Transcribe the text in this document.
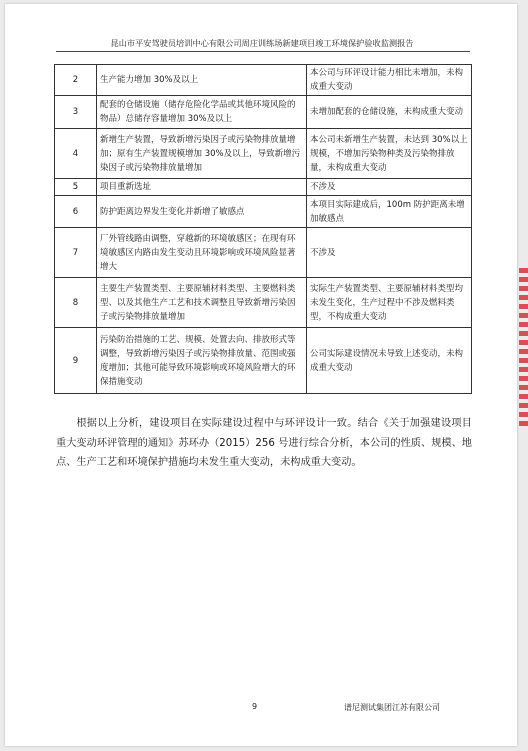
昆山市平安驾驶员培训中心有限公司周庄训练场新建项目竣工环境保护验收监测报告
2	生产能力增加 30%及以上	本公司与环评设计能力相比未增加，未构成重大变动
3	配套的仓储设施（储存危险化学品或其他环境风险的物品）总储存容量增加 30%及以上	未增加配套的仓储设施，未构成重大变动
4	新增生产装置，导致新增污染因子或污染物排放量增加；原有生产装置规模增加 30%及以上，导致新增污染因子或污染物排放量增加	本公司未新增生产装置，未达到 30%以上规模，不增加污染物种类及污染物排放量，未构成重大变动
5	项目重新选址	不涉及
6	防护距离边界发生变化并新增了敏感点	本项目实际建成后，100m 防护距离未增加敏感点
7	厂外管线路由调整，穿越新的环境敏感区；在现有环境敏感区内路由发生变动且环境影响或环境风险显著增大	不涉及
8	主要生产装置类型、主要原辅材料类型、主要燃料类型、以及其他生产工艺和技术调整且导致新增污染因子或污染物排放量增加	实际生产装置类型、主要原辅材料类型均未发生变化，生产过程中不涉及燃料类型，不构成重大变动
9	污染防治措施的工艺、规模、处置去向、排放形式等调整，导致新增污染因子或污染物排放量、范围或强度增加；其他可能导致环境影响或环境风险增大的环保措施变动	公司实际建设情况未导致上述变动，未构成重大变动
根据以上分析，建设项目在实际建设过程中与环评设计一致。结合《关于加强建设项目重大变动环评管理的通知》苏环办（2015）256 号进行综合分析，本公司的性质、规模、地点、生产工艺和环境保护措施均未发生重大变动，未构成重大变动。
9	谱尼测试集团江苏有限公司
